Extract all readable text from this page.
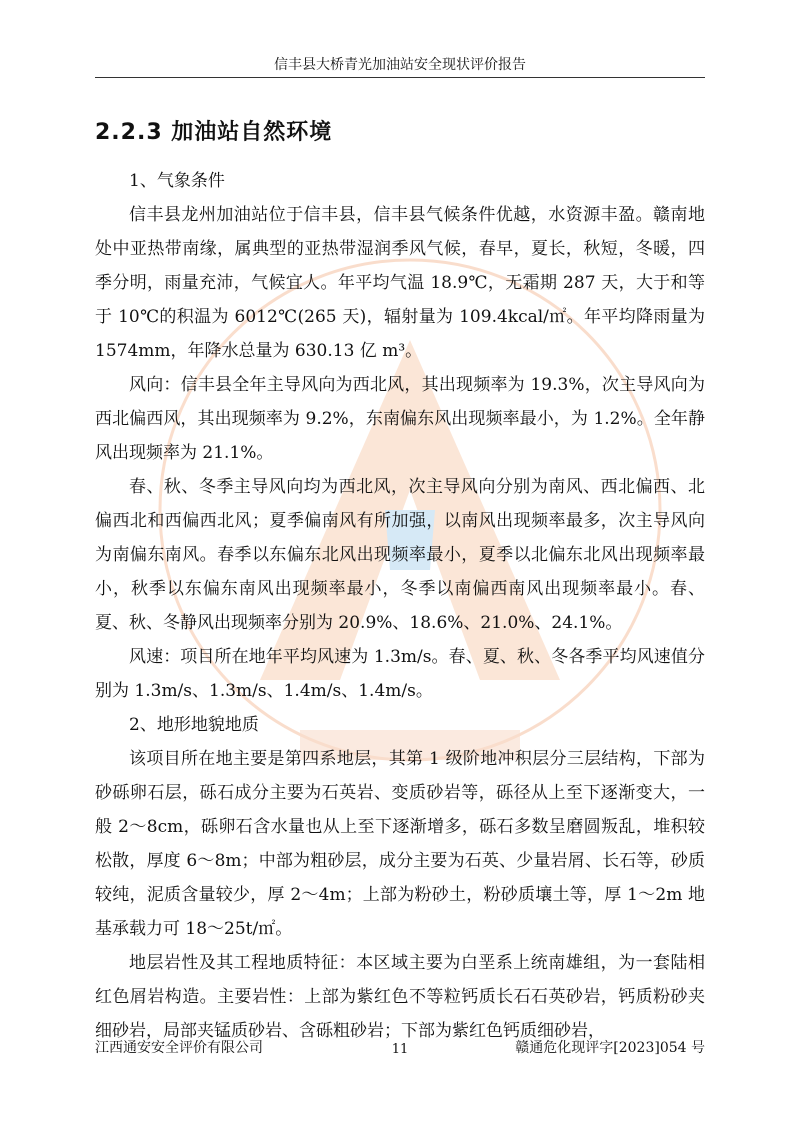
信丰县大桥青光加油站安全现状评价报告
2.2.3 加油站自然环境

1、气象条件

信丰县龙州加油站位于信丰县，信丰县气候条件优越，水资源丰盈。赣南地处中亚热带南缘，属典型的亚热带湿润季风气候，春早，夏长，秋短，冬暖，四季分明，雨量充沛，气候宜人。年平均气温 18.9℃，无霜期 287 天，大于和等于 10℃的积温为 6012℃(265 天)，辐射量为 109.4kcal/㎡。年平均降雨量为 1574mm，年降水总量为 630.13 亿 m³。

风向：信丰县全年主导风向为西北风，其出现频率为 19.3%，次主导风向为西北偏西风，其出现频率为 9.2%，东南偏东风出现频率最小，为 1.2%。全年静风出现频率为 21.1%。

春、秋、冬季主导风向均为西北风，次主导风向分别为南风、西北偏西、北偏西北和西偏西北风；夏季偏南风有所加强，以南风出现频率最多，次主导风向为南偏东南风。春季以东偏东北风出现频率最小，夏季以北偏东北风出现频率最小，秋季以东偏东南风出现频率最小，冬季以南偏西南风出现频率最小。春、夏、秋、冬静风出现频率分别为 20.9%、18.6%、21.0%、24.1%。

风速：项目所在地年平均风速为 1.3m/s。春、夏、秋、冬各季平均风速值分别为 1.3m/s、1.3m/s、1.4m/s、1.4m/s。

2、地形地貌地质

该项目所在地主要是第四系地层，其第 1 级阶地冲积层分三层结构，下部为砂砾卵石层，砾石成分主要为石英岩、变质砂岩等，砾径从上至下逐渐变大，一般 2～8cm，砾卵石含水量也从上至下逐渐增多，砾石多数呈磨圆叛乱，堆积较松散，厚度 6～8m；中部为粗砂层，成分主要为石英、少量岩屑、长石等，砂质较纯，泥质含量较少，厚 2～4m；上部为粉砂土，粉砂质壤土等，厚 1～2m 地基承载力可 18～25t/㎡。

地层岩性及其工程地质特征：本区域主要为白垩系上统南雄组，为一套陆相红色屑岩构造。主要岩性：上部为紫红色不等粒钙质长石石英砂岩，钙质粉砂夹细砂岩，局部夹锰质砂岩、含砾粗砂岩；下部为紫红色钙质细砂岩，

江西通安安全评价有限公司	11	赣通危化现评字[2023]054 号
